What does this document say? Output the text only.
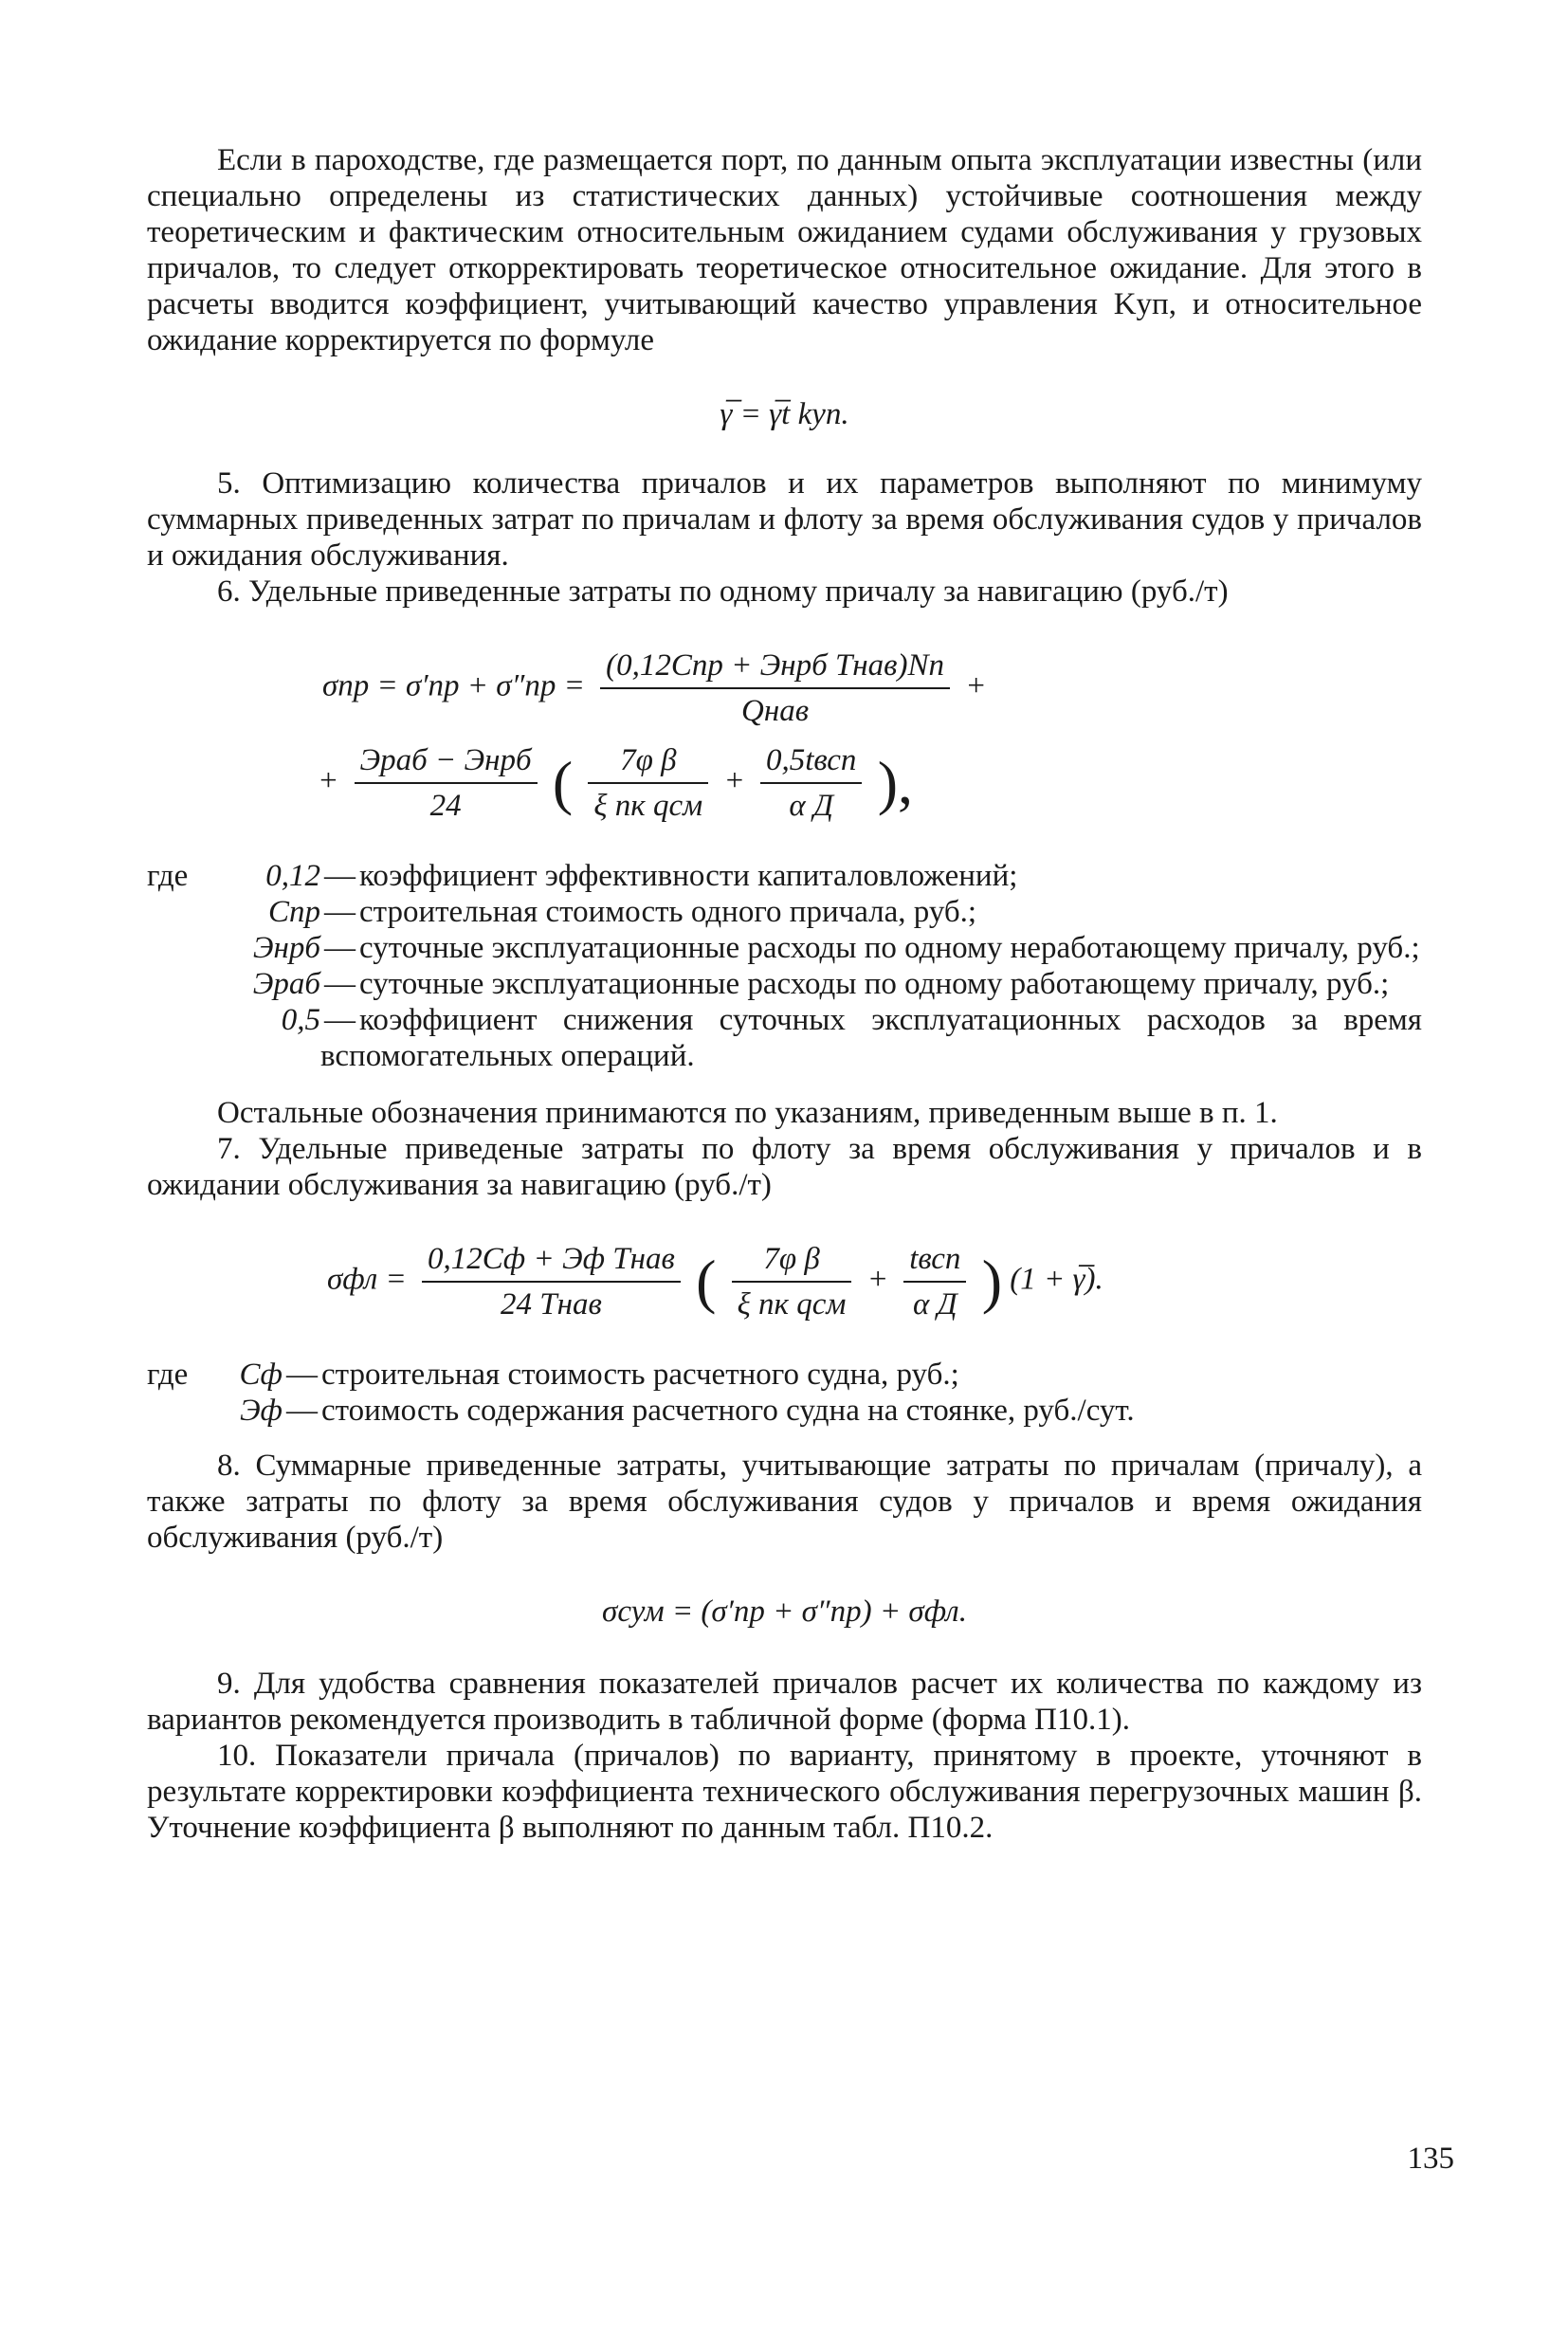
Если в пароходстве, где размещается порт, по данным опыта эксплуатации известны (или специально определены из статистических данных) устойчивые соотношения между теоретическим и фактическим относительным ожиданием судами обслуживания у грузовых причалов, то следует откорректировать теоретическое относительное ожидание. Для этого в расчеты вводится коэффициент, учитывающий качество управления Kуп, и относительное ожидание корректируется по формуле

γ̅ = γ̅t kуп.

5. Оптимизацию количества причалов и их параметров выполняют по минимуму суммарных приведенных затрат по причалам и флоту за время обслуживания судов у причалов и ожидания обслуживания.

6. Удельные приведенные затраты по одному причалу за навигацию (руб./т)

$\sigma пр = \sigma'пр + \sigma''пр = \frac{\text{(0,12Cпр + Энрб Tнав)Nп}}{\text{Qнав}}$ +
+ $\frac{\text{Эраб − Энрб}}{24}$ ( $\frac{\text{7φ β}}{\text{ξ nк qсм}} + \frac{\text{0,5tвсп}}{\text{α Д}}$ ),
где	0,12 — коэффициент эффективности капиталовложений;
Cпр — строительная стоимость одного причала, руб.;
Энрб — суточные эксплуатационные расходы по одному неработающему причалу, руб.;
Эраб — суточные эксплуатационные расходы по одному работающему причалу, руб.;
0,5 — коэффициент снижения суточных эксплуатационных расходов за время вспомогательных операций.

Остальные обозначения принимаются по указаниям, приведенным выше в п. 1.

7. Удельные приведеные затраты по флоту за время обслуживания у причалов и в ожидании обслуживания за навигацию (руб./т)

$\sigma фл = \frac{\text{0,12Cф + Эф Tнав}}{\text{24 Tнав}}$ ( $\frac{\text{7φ β}}{\text{ξ nк qсм}} + \frac{\text{tвсп}}{\text{α Д}}$ ) (1 + γ̅).
где	Cф — строительная стоимость расчетного судна, руб.;
Эф — стоимость содержания расчетного судна на стоянке, руб./сут.

8. Суммарные приведенные затраты, учитывающие затраты по причалам (причалу), а также затраты по флоту за время обслуживания судов у причалов и время ожидания обслуживания (руб./т)

σсум = (σ′пр + σ″пр) + σфл.

9. Для удобства сравнения показателей причалов расчет их количества по каждому из вариантов рекомендуется производить в табличной форме (форма П10.1).

10. Показатели причала (причалов) по варианту, принятому в проекте, уточняют в результате корректировки коэффициента технического обслуживания перегрузочных машин β. Уточнение коэффициента β выполняют по данным табл. П10.2.

135
